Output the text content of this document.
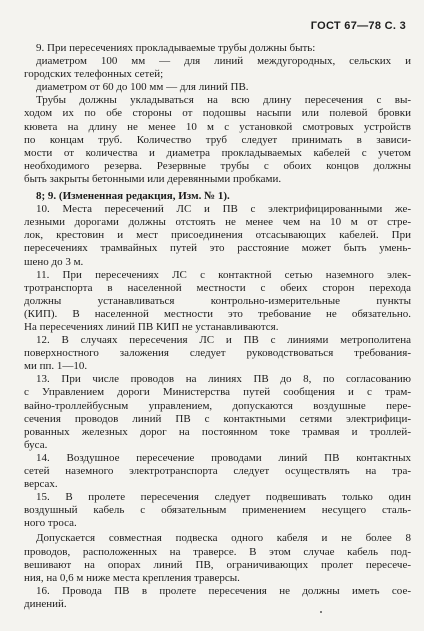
ГОСТ 67—78 С. 3
9. При пересечениях прокладываемые трубы должны быть:
диаметром 100 мм — для линий междугородных, сельских и
городских телефонных сетей;
диаметром от 60 до 100 мм — для линий ПВ.
Трубы должны укладываться на всю длину пересечения с вы-
ходом их по обе стороны от подошвы насыпи или полевой бровки
кювета на длину не менее 10 м с установкой смотровых устройств
по концам труб. Количество труб следует принимать в зависи-
мости от количества и диаметра прокладываемых кабелей с учетом
необходимого резерва. Резервные трубы с обоих концов должны
быть закрыты бетонными или деревянными пробками.
8; 9. (Измененная редакция, Изм. № 1).
10. Места пересечений ЛС и ПВ с электрифицированными же-
лезными дорогами должны отстоять не менее чем на 10 м от стре-
лок, крестовин и мест присоединения отсасывающих кабелей. При
пересечениях трамвайных путей это расстояние может быть умень-
шено до 3 м.
11. При пересечениях ЛС с контактной сетью наземного элек-
тротранспорта в населенной местности с обеих сторон перехода
должны устанавливаться контрольно-измерительные пункты
(КИП). В населенной местности это требование не обязательно.
На пересечениях линий ПВ КИП не устанавливаются.
12. В случаях пересечения ЛС и ПВ с линиями метрополитена
поверхностного заложения следует руководствоваться требования-
ми пп. 1—10.
13. При числе проводов на линиях ПВ до 8, по согласованию
с Управлением дороги Министерства путей сообщения и с трам-
вайно-троллейбусным управлением, допускаются воздушные пере-
сечения проводов линий ПВ с контактными сетями электрифици-
рованных железных дорог на постоянном токе трамвая и троллей-
буса.
14. Воздушное пересечение проводами линий ПВ контактных
сетей наземного электротранспорта следует осуществлять на тра-
версах.
15. В пролете пересечения следует подвешивать только один
воздушный кабель с обязательным применением несущего сталь-
ного троса.
Допускается совместная подвеска одного кабеля и не более 8
проводов, расположенных на траверсе. В этом случае кабель под-
вешивают на опорах линий ПВ, ограничивающих пролет пересече-
ния, на 0,6 м ниже места крепления траверсы.
16. Провода ПВ в пролете пересечения не должны иметь сое-
динений.
